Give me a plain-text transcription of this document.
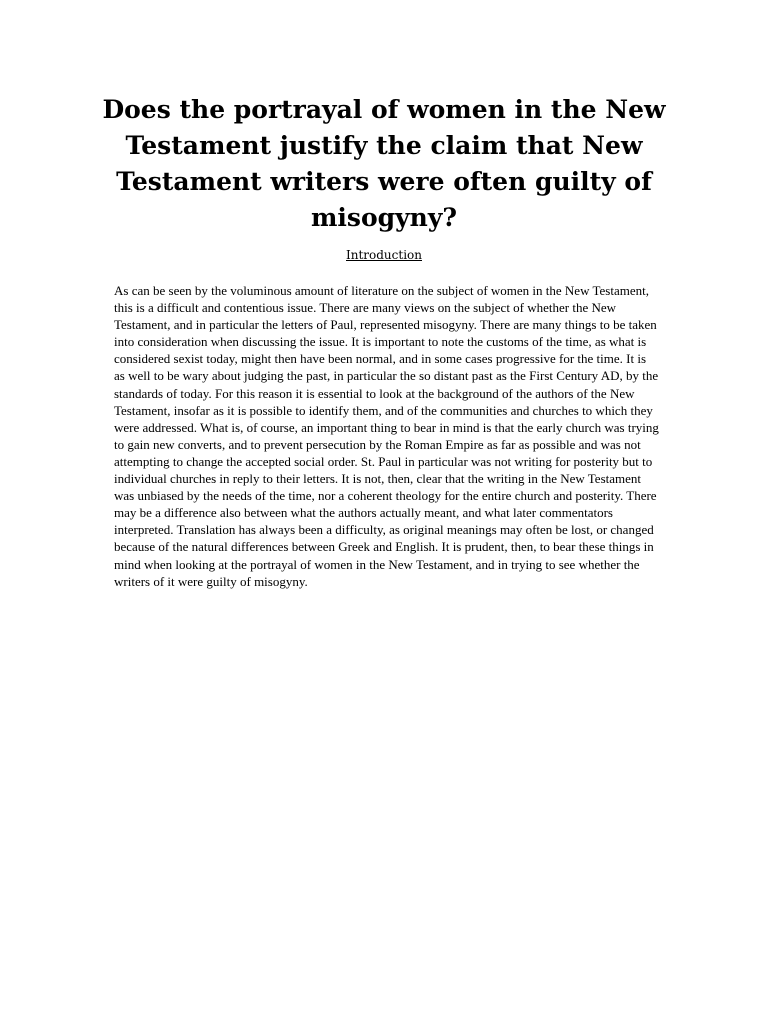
Does the portrayal of women in the New Testament justify the claim that New Testament writers were often guilty of misogyny?
Introduction

As can be seen by the voluminous amount of literature on the subject of women in the New Testament, this is a difficult and contentious issue. There are many views on the subject of whether the New Testament, and in particular the letters of Paul, represented misogyny. There are many things to be taken into consideration when discussing the issue. It is important to note the customs of the time, as what is considered sexist today, might then have been normal, and in some cases progressive for the time. It is as well to be wary about judging the past, in particular the so distant past as the First Century AD, by the standards of today. For this reason it is essential to look at the background of the authors of the New Testament, insofar as it is possible to identify them, and of the communities and churches to which they were addressed. What is, of course, an important thing to bear in mind is that the early church was trying to gain new converts, and to prevent persecution by the Roman Empire as far as possible and was not attempting to change the accepted social order. St. Paul in particular was not writing for posterity but to individual churches in reply to their letters. It is not, then, clear that the writing in the New Testament was unbiased by the needs of the time, nor a coherent theology for the entire church and posterity. There may be a difference also between what the authors actually meant, and what later commentators interpreted. Translation has always been a difficulty, as original meanings may often be lost, or changed because of the natural differences between Greek and English. It is prudent, then, to bear these things in mind when looking at the portrayal of women in the New Testament, and in trying to see whether the writers of it were guilty of misogyny.
